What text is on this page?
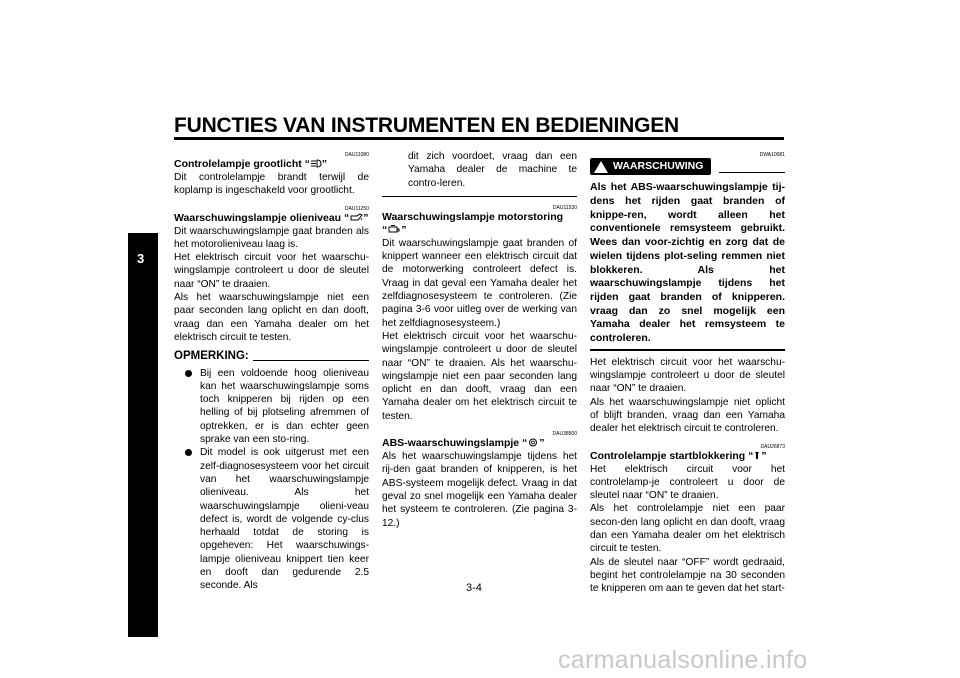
FUNCTIES VAN INSTRUMENTEN EN BEDIENINGEN
3
DAU11080
Controlelampje grootlicht “ ”

Dit controlelampje brandt terwijl de koplamp is ingeschakeld voor grootlicht.

DAU11250
Waarschuwingslampje olieniveau “ ”

Dit waarschuwingslampje gaat branden als het motorolieniveau laag is.

Het elektrisch circuit voor het waarschu-wingslampje controleert u door de sleutel naar “ON” te draaien.

Als het waarschuwingslampje niet een paar seconden lang oplicht en dan dooft, vraag dan een Yamaha dealer om het elektrisch circuit te testen.

OPMERKING:
Bij een voldoende hoog olieniveau kan het waarschuwingslampje soms toch knipperen bij rijden op een helling of bij plotseling afremmen of optrekken, er is dan echter geen sprake van een sto-ring.
Dit model is ook uitgerust met een zelf-diagnosesysteem voor het circuit van het waarschuwingslampje olieniveau. Als het waarschuwingslampje olieni-veau defect is, wordt de volgende cy-clus herhaald totdat de storing is opgeheven: Het waarschuwings-lampje olieniveau knippert tien keer en dooft dan gedurende 2.5 seconde. Als

dit zich voordoet, vraag dan een Yamaha dealer de machine te contro-leren.

DAU11530
Waarschuwingslampje motorstoring
“ ”

Dit waarschuwingslampje gaat branden of knippert wanneer een elektrisch circuit dat de motorwerking controleert defect is. Vraag in dat geval een Yamaha dealer het zelfdiagnosesysteem te controleren. (Zie pagina 3-6 voor uitleg over de werking van het zelfdiagnosesysteem.)

Het elektrisch circuit voor het waarschu-wingslampje controleert u door de sleutel naar “ON” te draaien. Als het waarschu-wingslampje niet een paar seconden lang oplicht en dan dooft, vraag dan een Yamaha dealer om het elektrisch circuit te testen.

DAU38500
ABS-waarschuwingslampje “ ”

Als het waarschuwingslampje tijdens het rij-den gaat branden of knipperen, is het ABS-systeem mogelijk defect. Vraag in dat geval zo snel mogelijk een Yamaha dealer het systeem te controleren. (Zie pagina 3-12.)

DWA10081
WAARSCHUWING
Als het ABS-waarschuwingslampje tij-dens het rijden gaat branden of knippe-ren, wordt alleen het conventionele remsysteem gebruikt. Wees dan voor-zichtig en zorg dat de wielen tijdens plot-seling remmen niet blokkeren. Als het waarschuwingslampje tijdens het rijden gaat branden of knipperen. vraag dan zo snel mogelijk een Yamaha dealer het remsysteem te controleren.

Het elektrisch circuit voor het waarschu-wingslampje controleert u door de sleutel naar “ON” te draaien.

Als het waarschuwingslampje niet oplicht of blijft branden, vraag dan een Yamaha dealer het elektrisch circuit te controleren.

DAU26873
Controlelampje startblokkering “ ”

Het elektrisch circuit voor het controlelamp-je controleert u door de sleutel naar “ON” te draaien.

Als het controlelampje niet een paar secon-den lang oplicht en dan dooft, vraag dan een Yamaha dealer om het elektrisch circuit te testen.

Als de sleutel naar “OFF” wordt gedraaid, begint het controlelampje na 30 seconden te knipperen om aan te geven dat het start-

3-4
carmanualsonline.info
